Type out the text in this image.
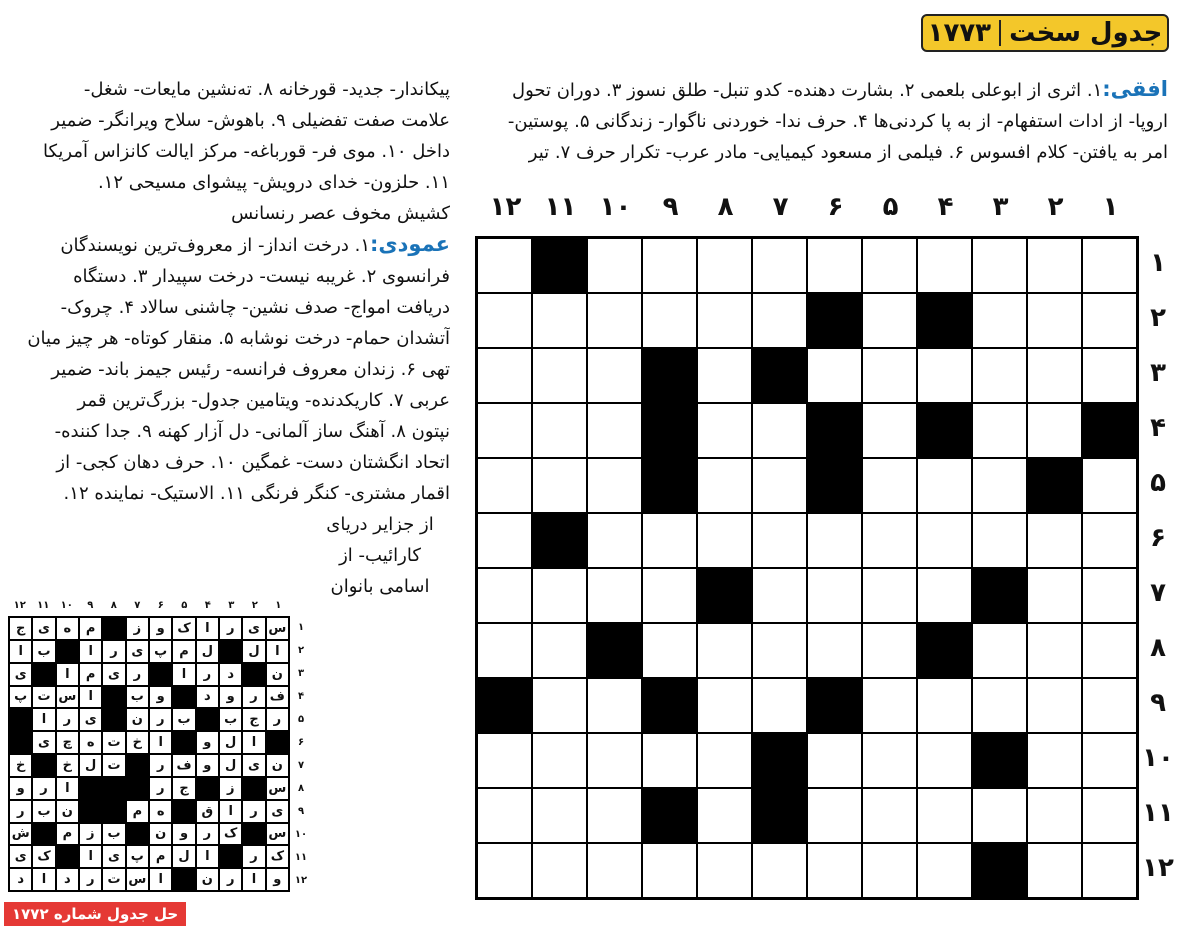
جدول سخت
۱۷۷۳
افقی:۱. اثری از ابوعلی بلعمی ۲. بشارت دهنده- کدو تنبل- طلق نسوز ۳. دوران تحول
اروپا- از ادات استفهام- از به پا کردنی‌ها ۴. حرف ندا- خوردنی ناگوار- زندگانی ۵. پوستین-
امر به یافتن- کلام افسوس ۶. فیلمی از مسعود کیمیایی- مادر عرب- تکرار حرف ۷. تیر
پیکاندار- جدید- قورخانه ۸. ته‌نشین مایعات- شغل-
علامت صفت تفضیلی ۹. باهوش- سلاح ویرانگر- ضمیر
داخل ۱۰. موی فر- قورباغه- مرکز ایالت کانزاس آمریکا
۱۱. حلزون- خدای درویش- پیشوای مسیحی ۱۲.
کشیش مخوف عصر رنسانس
عمودی:۱. درخت انداز- از معروف‌ترین نویسندگان
فرانسوی ۲. غریبه نیست- درخت سپیدار ۳. دستگاه
دریافت امواج- صدف نشین- چاشنی سالاد ۴. چروک-
آتشدان حمام- درخت نوشابه ۵. منقار کوتاه- هر چیز میان
تهی ۶. زندان معروف فرانسه- رئیس جیمز باند- ضمیر
عربی ۷. کاریکدنده- ویتامین جدول- بزرگ‌ترین قمر
نپتون ۸. آهنگ ساز آلمانی- دل آزار کهنه ۹. جدا کننده-
اتحاد انگشتان دست- غمگین ۱۰. حرف دهان کجی- از
اقمار مشتری- کنگر فرنگی ۱۱. الاستیک- نماینده ۱۲.
از جزایر دریای
کارائیب- از
اسامی بانوان
۱
۲
۳
۴
۵
۶
۷
۸
۹
۱۰
۱۱
۱۲
۱
۲
۳
۴
۵
۶
۷
۸
۹
۱۰
۱۱
۱۲
۱
۲
۳
۴
۵
۶
۷
۸
۹
۱۰
۱۱
۱۲
۱
۲
۳
۴
۵
۶
۷
۸
۹
۱۰
۱۱
۱۲
س
ی
ر
ا
ک
و
ز
م
ه
ی
ج
ا
ل
ل
م
پ
ی
ر
ا
ب
ا
ن
د
ر
ا
ر
ی
م
ا
ی
ف
ر
و
د
و
ب
ا
س
ت
پ
ر
ج
ب
ب
ر
ن
ی
ر
ا
ا
ل
و
ا
خ
ت
ه
چ
ی
ن
ی
ل
و
ف
ر
ت
ل
خ
خ
س
ز
ج
ر
ا
ر
و
ی
ر
ا
ق
ه
م
ن
ب
ر
س
ک
ر
و
ن
ب
ز
م
ش
ک
ر
ا
ل
م
پ
ی
ا
ک
ی
و
ا
ر
ن
ا
س
ت
ر
د
ا
د
حل جدول شماره ۱۷۷۲
